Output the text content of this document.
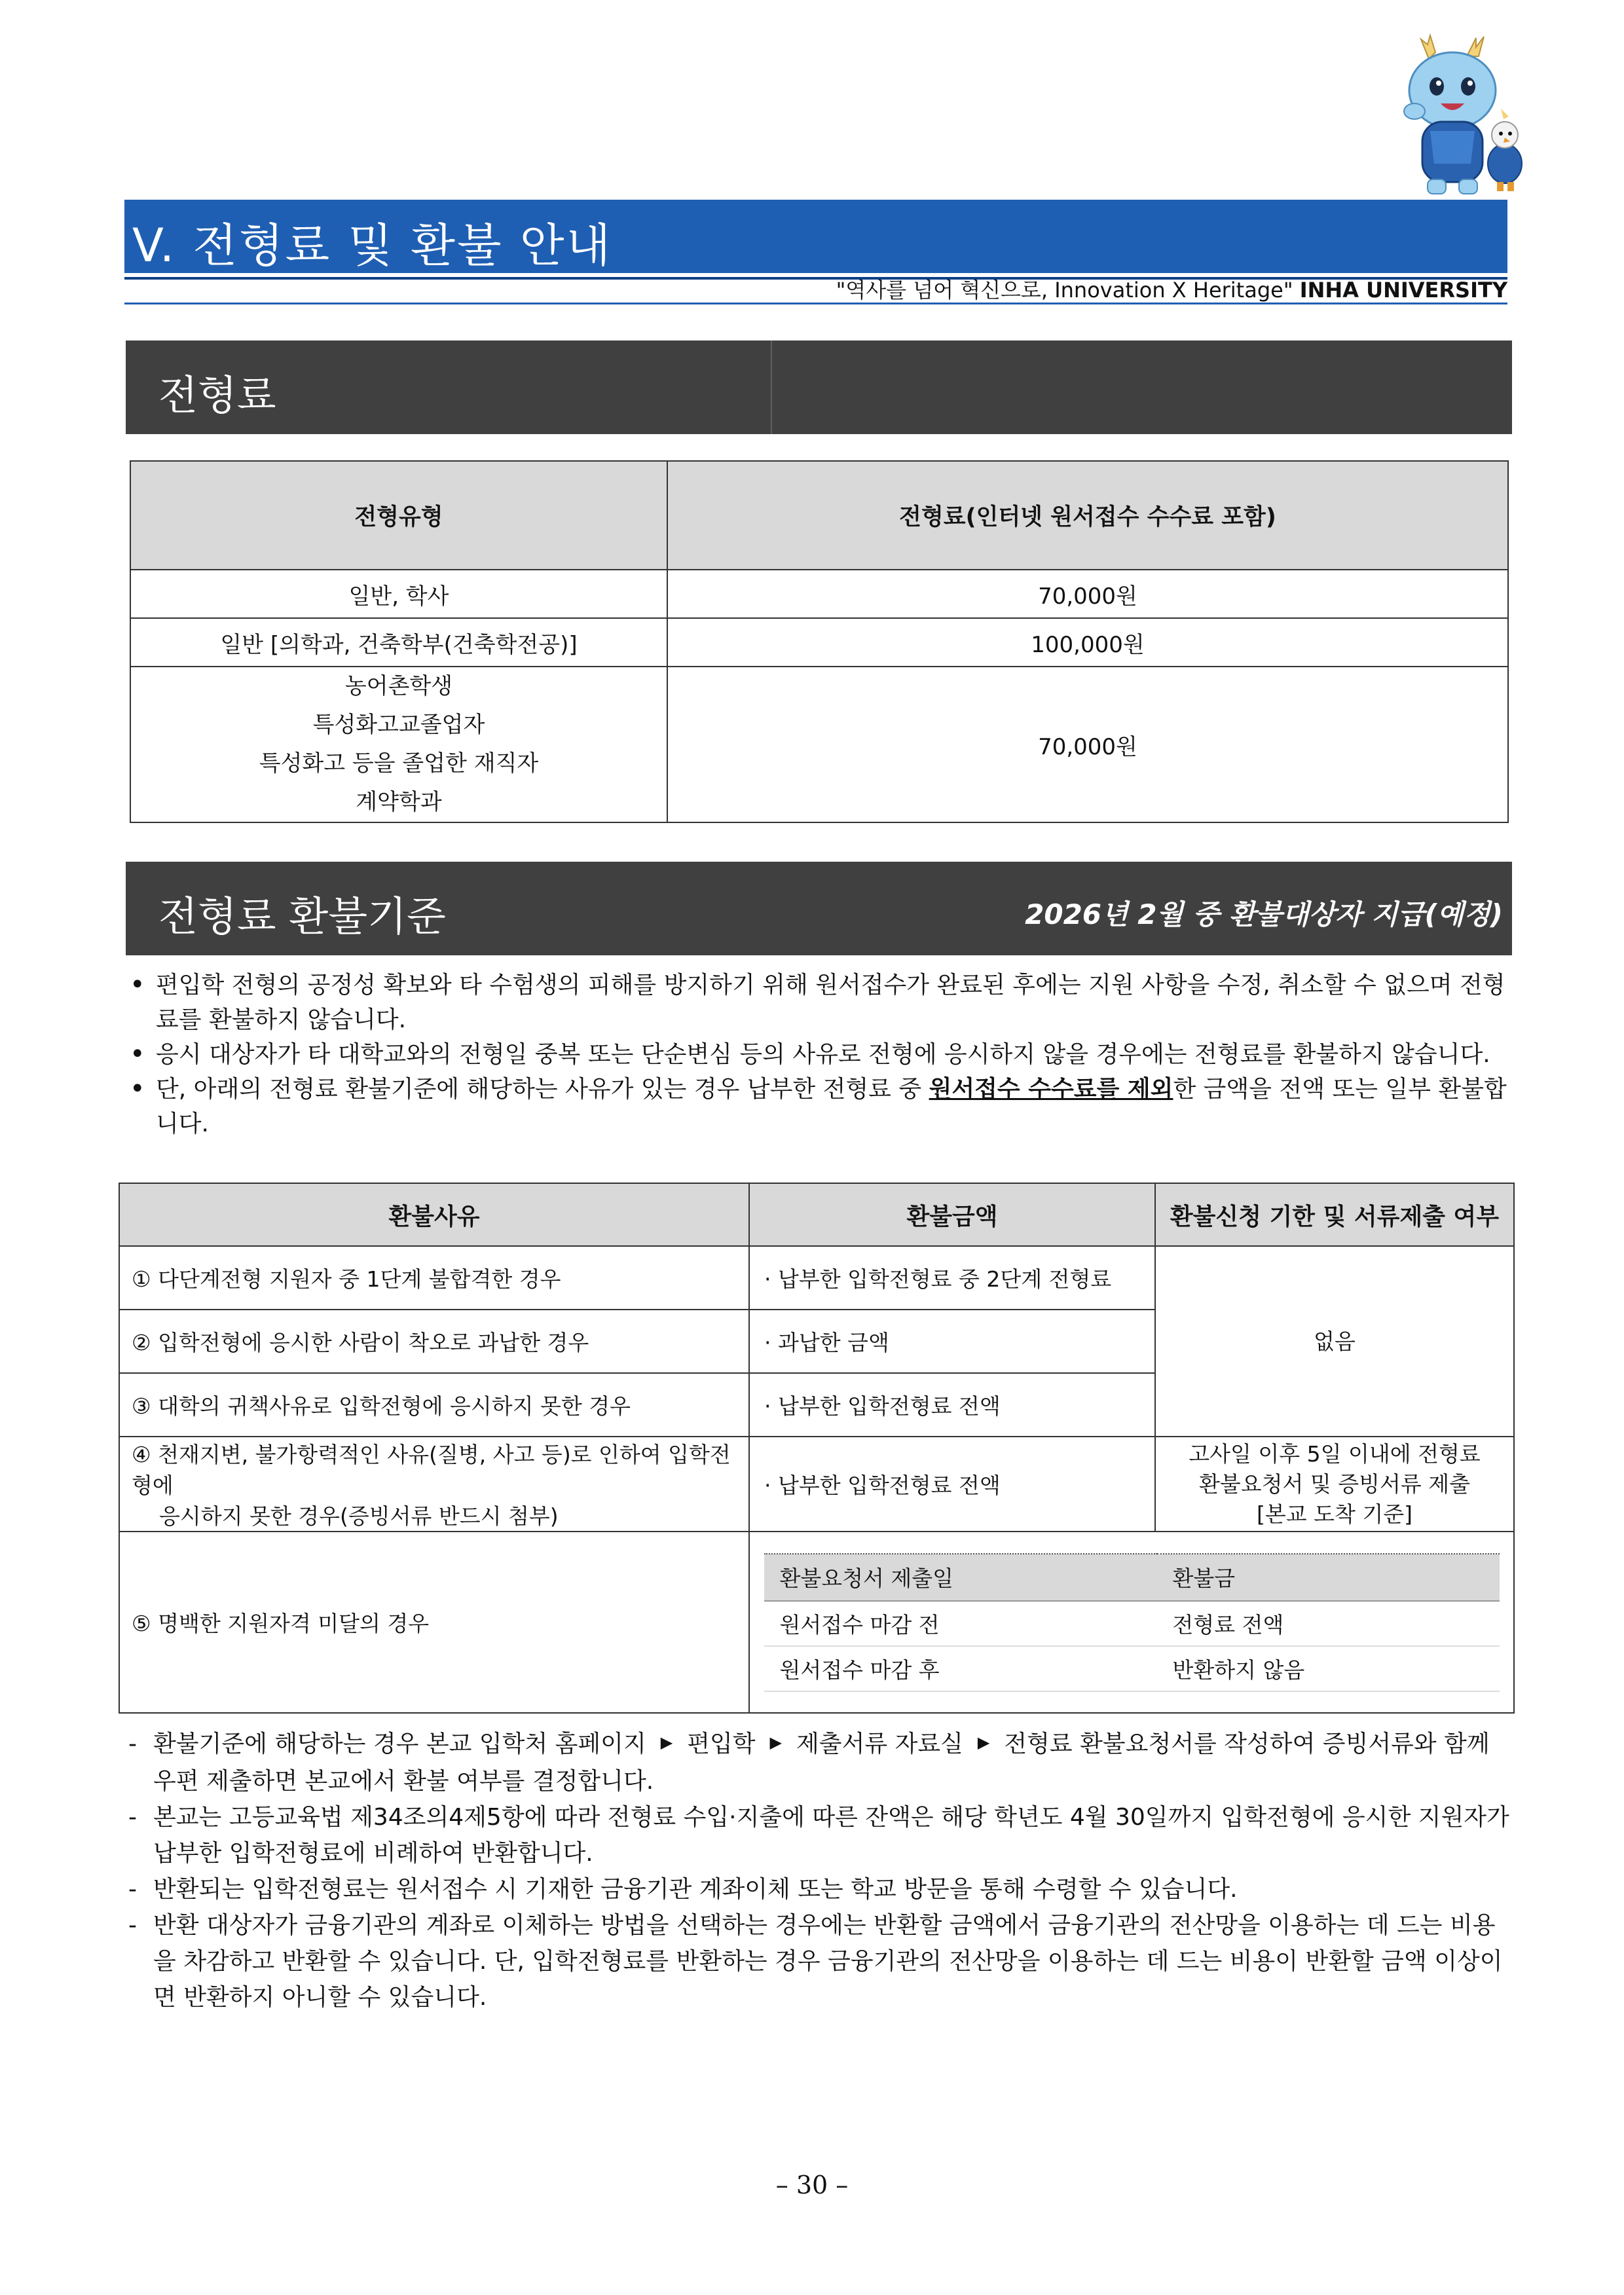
V. 전형료 및 환불 안내
"역사를 넘어 혁신으로, Innovation X Heritage" INHA UNIVERSITY
전형료
전형유형	전형료(인터넷 원서접수 수수료 포함)
일반, 학사	70,000원
일반 [의학과, 건축학부(건축학전공)]	100,000원

농어촌학생
특성화고교졸업자
특성화고 등을 졸업한 재직자
계약학과	70,000원
전형료 환불기준	2026년 2월 중 환불대상자 지급(예정)
• 편입학 전형의 공정성 확보와 타 수험생의 피해를 방지하기 위해 원서접수가 완료된 후에는 지원 사항을 수정, 취소할 수 없으며 전형료를 환불하지 않습니다.
• 응시 대상자가 타 대학교와의 전형일 중복 또는 단순변심 등의 사유로 전형에 응시하지 않을 경우에는 전형료를 환불하지 않습니다.
• 단, 아래의 전형료 환불기준에 해당하는 사유가 있는 경우 납부한 전형료 중 원서접수 수수료를 제외한 금액을 전액 또는 일부 환불합니다.
환불사유	환불금액	환불신청 기한 및 서류제출 여부
① 다단계전형 지원자 중 1단계 불합격한 경우	· 납부한 입학전형료 중 2단계 전형료	없음
② 입학전형에 응시한 사람이 착오로 과납한 경우	· 과납한 금액
③ 대학의 귀책사유로 입학전형에 응시하지 못한 경우	· 납부한 입학전형료 전액
④ 천재지변, 불가항력적인 사유(질병, 사고 등)로 인하여 입학전형에
응시하지 못한 경우(증빙서류 반드시 첨부)
	· 납부한 입학전형료 전액	
고사일 이후 5일 이내에 전형료
환불요청서 및 증빙서류 제출
[본교 도착 기준]

⑤ 명백한 지원자격 미달의 경우	
환불요청서 제출일	환불금
원서접수 마감 전	전형료 전액
원서접수 마감 후	반환하지 않음
- 환불기준에 해당하는 경우 본교 입학처 홈페이지 ▶ 편입학 ▶ 제출서류 자료실 ▶ 전형료 환불요청서를 작성하여 증빙서류와 함께 우편 제출하면 본교에서 환불 여부를 결정합니다.
- 본교는 고등교육법 제34조의4제5항에 따라 전형료 수입·지출에 따른 잔액은 해당 학년도 4월 30일까지 입학전형에 응시한 지원자가 납부한 입학전형료에 비례하여 반환합니다.
- 반환되는 입학전형료는 원서접수 시 기재한 금융기관 계좌이체 또는 학교 방문을 통해 수령할 수 있습니다.
- 반환 대상자가 금융기관의 계좌로 이체하는 방법을 선택하는 경우에는 반환할 금액에서 금융기관의 전산망을 이용하는 데 드는 비용을 차감하고 반환할 수 있습니다. 단, 입학전형료를 반환하는 경우 금융기관의 전산망을 이용하는 데 드는 비용이 반환할 금액 이상이면 반환하지 아니할 수 있습니다.
– 30 –
